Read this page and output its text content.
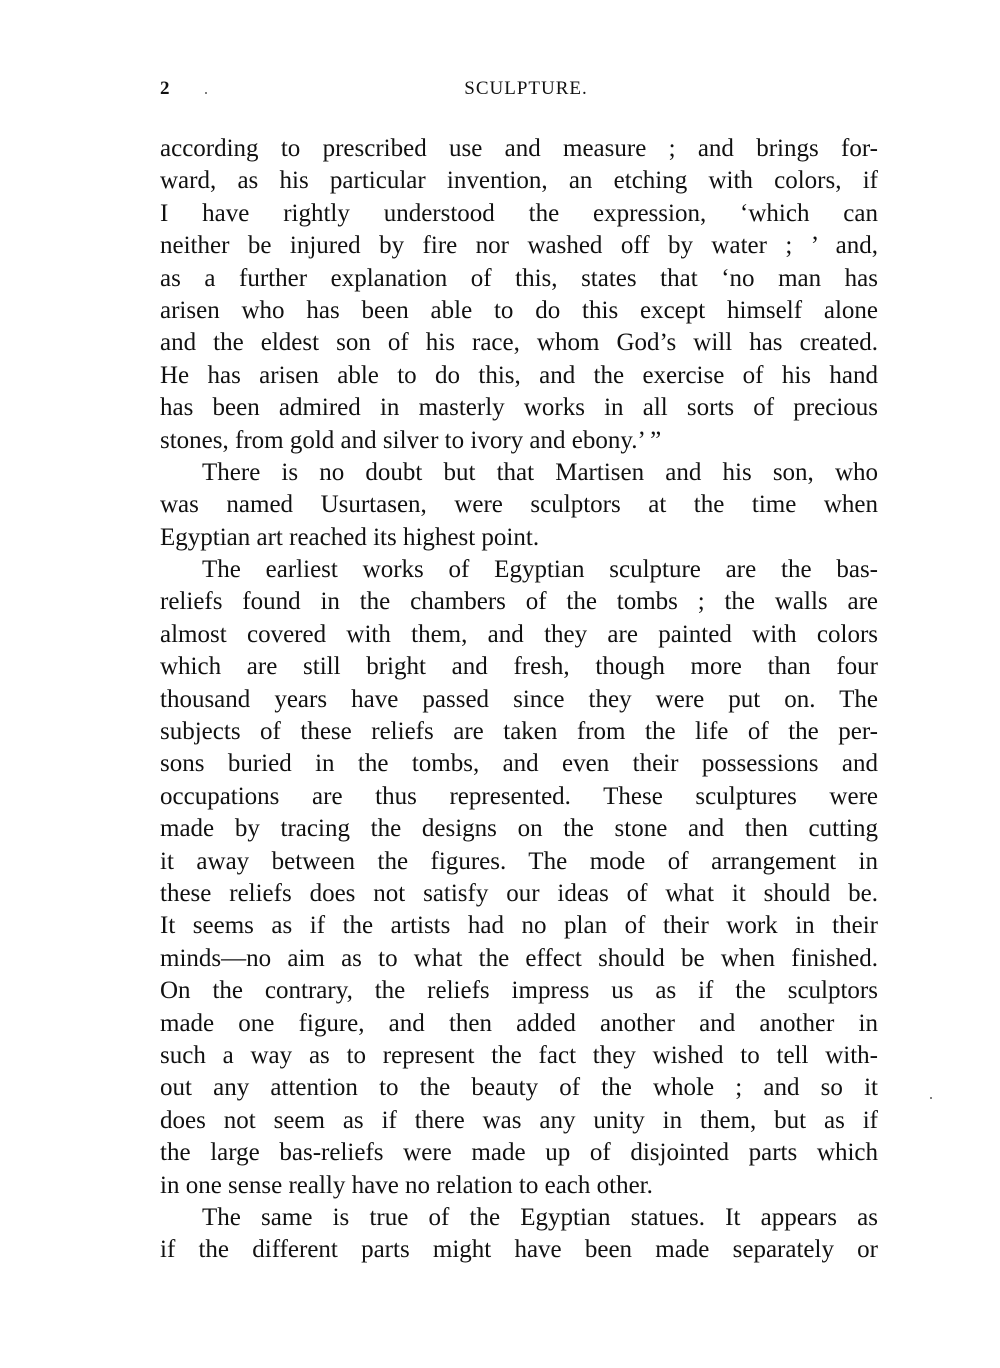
2	SCULPTURE.
according to prescribed use and measure ; and brings for-
ward, as his particular invention, an etching with colors, if
I have rightly understood the expression, ‘which can
neither be injured by fire nor washed off by water ; ’ and,
as a further explanation of this, states that ‘no man has
arisen who has been able to do this except himself alone
and the eldest son of his race, whom God’s will has created.
He has arisen able to do this, and the exercise of his hand
has been admired in masterly works in all sorts of precious
stones, from gold and silver to ivory and ebony.’ ”
There is no doubt but that Martisen and his son, who
was named Usurtasen, were sculptors at the time when
Egyptian art reached its highest point.
The earliest works of Egyptian sculpture are the bas-
reliefs found in the chambers of the tombs ; the walls are
almost covered with them, and they are painted with colors
which are still bright and fresh, though more than four
thousand years have passed since they were put on. The
subjects of these reliefs are taken from the life of the per-
sons buried in the tombs, and even their possessions and
occupations are thus represented. These sculptures were
made by tracing the designs on the stone and then cutting
it away between the figures. The mode of arrangement in
these reliefs does not satisfy our ideas of what it should be.
It seems as if the artists had no plan of their work in their
minds—no aim as to what the effect should be when finished.
On the contrary, the reliefs impress us as if the sculptors
made one figure, and then added another and another in
such a way as to represent the fact they wished to tell with-
out any attention to the beauty of the whole ; and so it
does not seem as if there was any unity in them, but as if
the large bas-reliefs were made up of disjointed parts which
in one sense really have no relation to each other.
The same is true of the Egyptian statues. It appears as
if the different parts might have been made separately or
